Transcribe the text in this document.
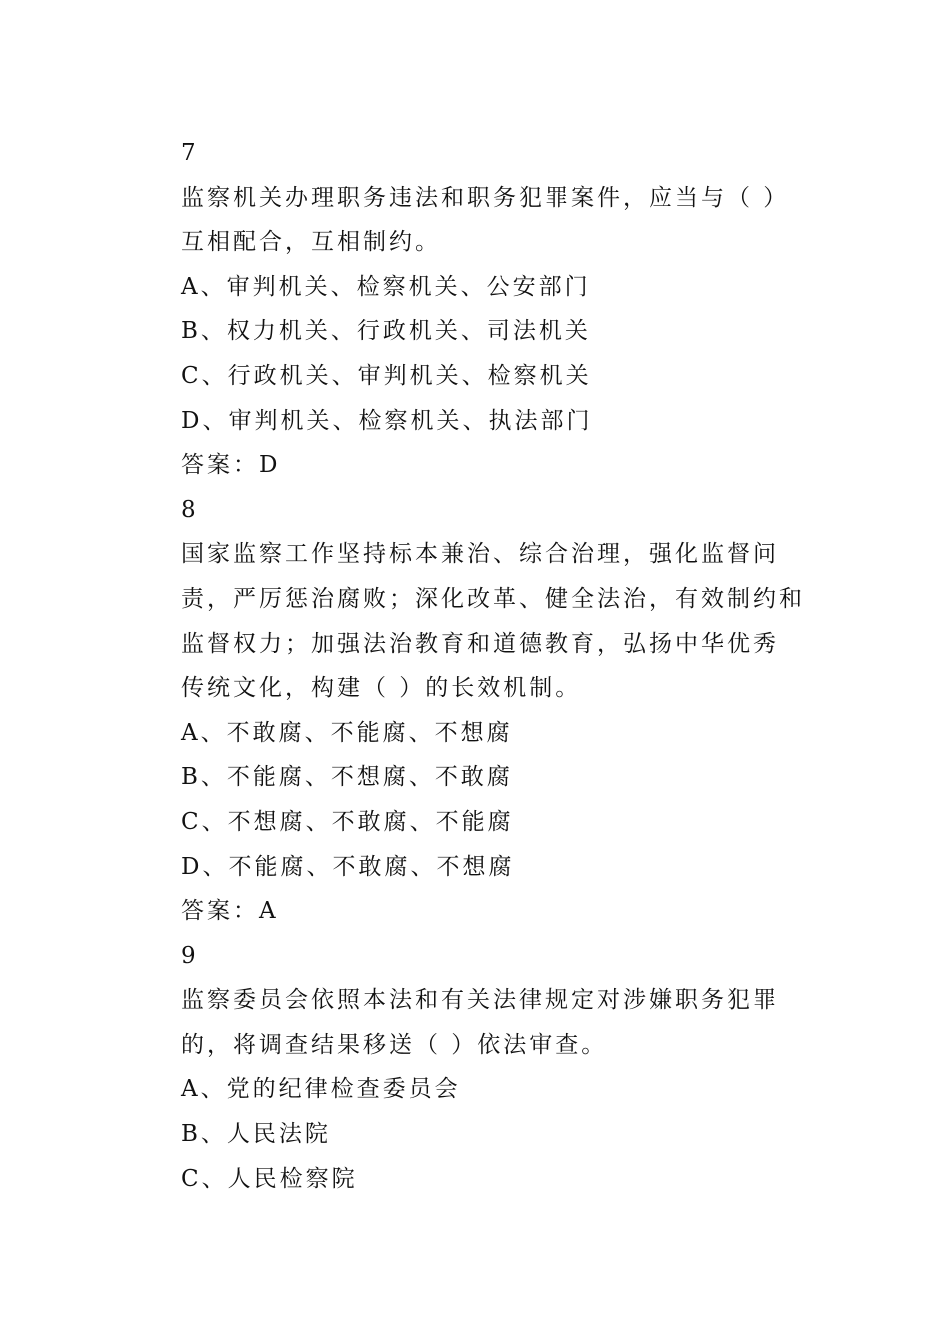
7
监察机关办理职务违法和职务犯罪案件，应当与（ ）
互相配合，互相制约。
A、审判机关、检察机关、公安部门
B、权力机关、行政机关、司法机关
C、行政机关、审判机关、检察机关
D、审判机关、检察机关、执法部门
答案：D
8
国家监察工作坚持标本兼治、综合治理，强化监督问
责，严厉惩治腐败；深化改革、健全法治，有效制约和
监督权力；加强法治教育和道德教育，弘扬中华优秀
传统文化，构建（ ）的长效机制。
A、不敢腐、不能腐、不想腐
B、不能腐、不想腐、不敢腐
C、不想腐、不敢腐、不能腐
D、不能腐、不敢腐、不想腐
答案：A
9
监察委员会依照本法和有关法律规定对涉嫌职务犯罪
的，将调查结果移送（ ）依法审查。
A、党的纪律检查委员会
B、人民法院
C、人民检察院
